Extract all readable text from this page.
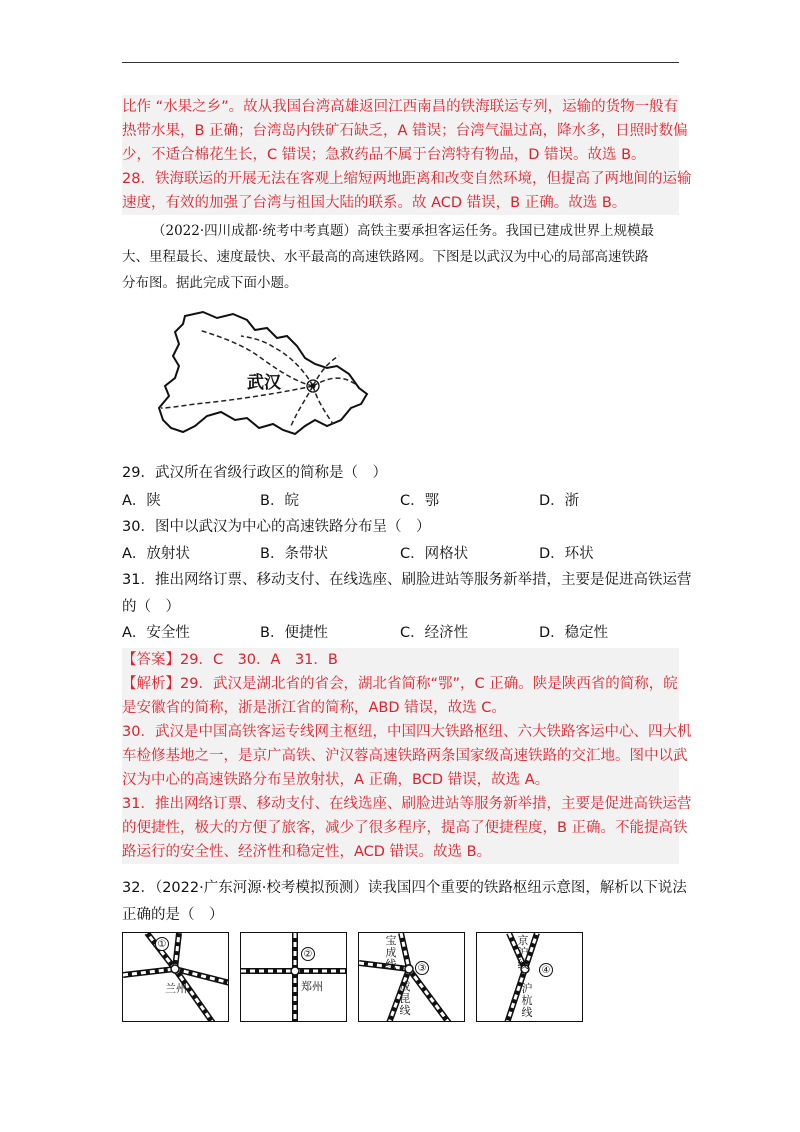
比作 “水果之乡”。故从我国台湾高雄返回江西南昌的铁海联运专列，运输的货物一般有
热带水果，B 正确；台湾岛内铁矿石缺乏，A 错误；台湾气温过高，降水多，日照时数偏
少，不适合棉花生长，C 错误；急救药品不属于台湾特有物品，D 错误。故选 B。
28．铁海联运的开展无法在客观上缩短两地距离和改变自然环境，但提高了两地间的运输
速度，有效的加强了台湾与祖国大陆的联系。故 ACD 错误，B 正确。故选 B。
（2022·四川成都·统考中考真题）高铁主要承担客运任务。我国已建成世界上规模最
大、里程最长、速度最快、水平最高的高速铁路网。下图是以武汉为中心的局部高速铁路
分布图。据此完成下面小题。
武汉
29．武汉所在省级行政区的简称是（　）
A．陕	B．皖	C．鄂	D．浙
30．图中以武汉为中心的高速铁路分布呈（　）
A．放射状	B．条带状	C．网格状	D．环状
31．推出网络订票、移动支付、在线选座、刷脸进站等服务新举措，主要是促进高铁运营
的（　）
A．安全性	B．便捷性	C．经济性	D．稳定性
【答案】29．C　30．A　31．B
【解析】29．武汉是湖北省的省会，湖北省简称“鄂”，C 正确。陕是陕西省的简称，皖
是安徽省的简称，浙是浙江省的简称，ABD 错误，故选 C。
30．武汉是中国高铁客运专线网主枢纽，中国四大铁路枢纽、六大铁路客运中心、四大机
车检修基地之一，是京广高铁、沪汉蓉高速铁路两条国家级高速铁路的交汇地。图中以武
汉为中心的高速铁路分布呈放射状，A 正确，BCD 错误，故选 A。
31．推出网络订票、移动支付、在线选座、刷脸进站等服务新举措，主要是促进高铁运营
的便捷性，极大的方便了旅客，减少了很多程序，提高了便捷程度，B 正确。不能提高铁
路运行的安全性、经济性和稳定性，ACD 错误。故选 B。
32．（2022·广东河源·校考模拟预测）读我国四个重要的铁路枢纽示意图，解析以下说法
正确的是（　）
①
兰州
②
郑州
宝成线 ③
成昆线
京沪线 ④
沪杭线
